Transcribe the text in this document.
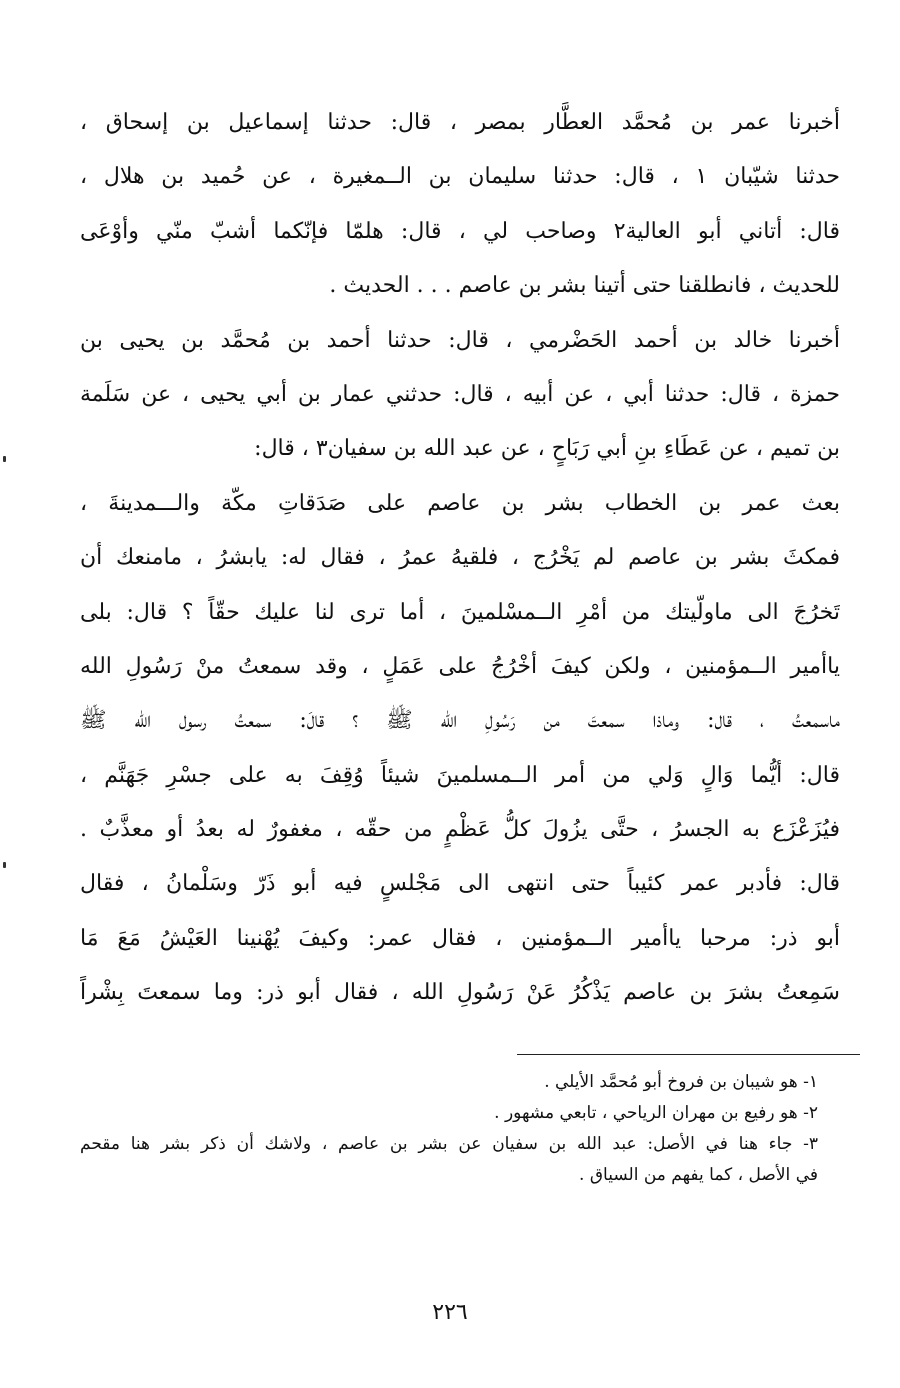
أخبرنا عمر بن مُحمَّد العطَّار بمصر ، قال: حدثنا إسماعيل بن إسحاق ،
حدثنا شيّبان ١ ، قال: حدثنا سليمان بن الــمغيرة ، عن حُميد بن هلال ،
قال: أتاني أبو العالية٢ وصاحب لي ، قال: هلمّا فإنّكما أشبّ منّي وأوْعَى
للحديث ، فانطلقنا حتى أتينا بشر بن عاصم . . . الحديث .
أخبرنا خالد بن أحمد الحَضْرمي ، قال: حدثنا أحمد بن مُحمَّد بن يحيى بن
حمزة ، قال: حدثنا أبي ، عن أبيه ، قال: حدثني عمار بن أبي يحيى ، عن سَلَمة
بن تميم ، عن عَطَاءِ بنِ أبي رَبَاحٍ ، عن عبد الله بن سفيان٣ ، قال:
بعث عمر بن الخطاب بشر بن عاصم على صَدَقاتِ مكّة والـــمدينةَ ،
فمكثَ بشر بن عاصم لم يَخْرُج ، فلقيهُ عمرُ ، فقال له: يابشرُ ، مامنعك أن
تَخرُجَ الى ماولّيتك من أمْرِ الــمسْلمينَ ، أما ترى لنا عليك حقّاً ؟ قال: بلى
ياأمير الــمؤمنين ، ولكن كيفَ أخْرُجُ على عَمَلٍ ، وقد سمعتُ منْ رَسُولِ الله
ماسمعتُ ، قال: وماذا سمعتَ من رَسُولِ الله ﷺ ؟ قالَ: سمعتُ رسول الله ﷺ
قال: أيُّما وَالٍ وَلي من أمر الــمسلمينَ شيئاً وُقِفَ به على جسْرِ جَهَنَّم ،
فيُزَعْزَع به الجسرُ ، حتَّى يزُولَ كلُّ عَظْمٍ من حقّه ، مغفورٌ له بعدُ أو معذَّبٌ .
قال: فأدبر عمر كئيباً حتى انتهى الى مَجْلسٍ فيه أبو ذَرّ وسَلْمانُ ، فقال
أبو ذر: مرحبا ياأمير الــمؤمنين ، فقال عمر: وكيفَ يُهْنينا العَيْشُ مَعَ مَا
سَمِعتُ بشرَ بن عاصم يَذْكُرُ عَنْ رَسُولِ الله ، فقال أبو ذر: وما سمعتَ بِشْراً
١- هو شيبان بن فروخ أبو مُحمَّد الأيلي .
٢- هو رفيع بن مهران الرياحي ، تابعي مشهور .
٣- جاء هنا في الأصل: عبد الله بن سفيان عن بشر بن عاصم ، ولاشك أن ذكر بشر هنا مقحم
في الأصل ، كما يفهم من السياق .
٢٢٦
